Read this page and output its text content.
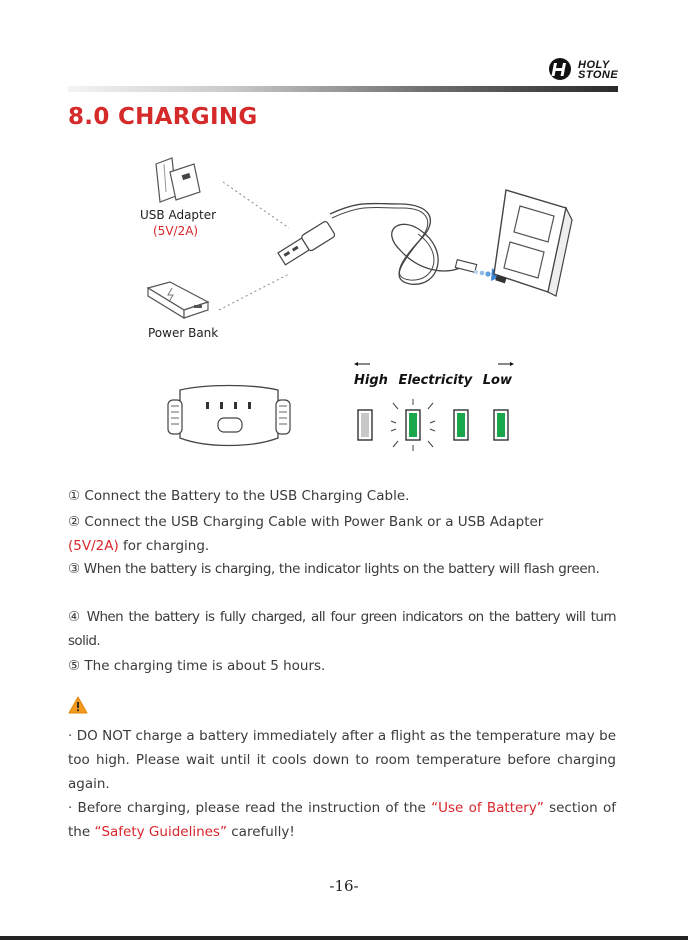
HOLY
STONE
8.0 CHARGING
USB Adapter
(5V/2A)
Power Bank
High Electricity Low
① Connect the Battery to the USB Charging Cable.
② Connect the USB Charging Cable with Power Bank or a USB Adapter
(5V/2A) for charging.
③ When the battery is charging, the indicator lights on the battery will flash green.
④ When the battery is fully charged, all four green indicators on the battery will turn solid.
⑤ The charging time is about 5 hours.
· DO NOT charge a battery immediately after a flight as the temperature may be too high. Please wait until it cools down to room temperature before charging again.
· Before charging, please read the instruction of the “Use of Battery” section of the “Safety Guidelines” carefully!
-16-
